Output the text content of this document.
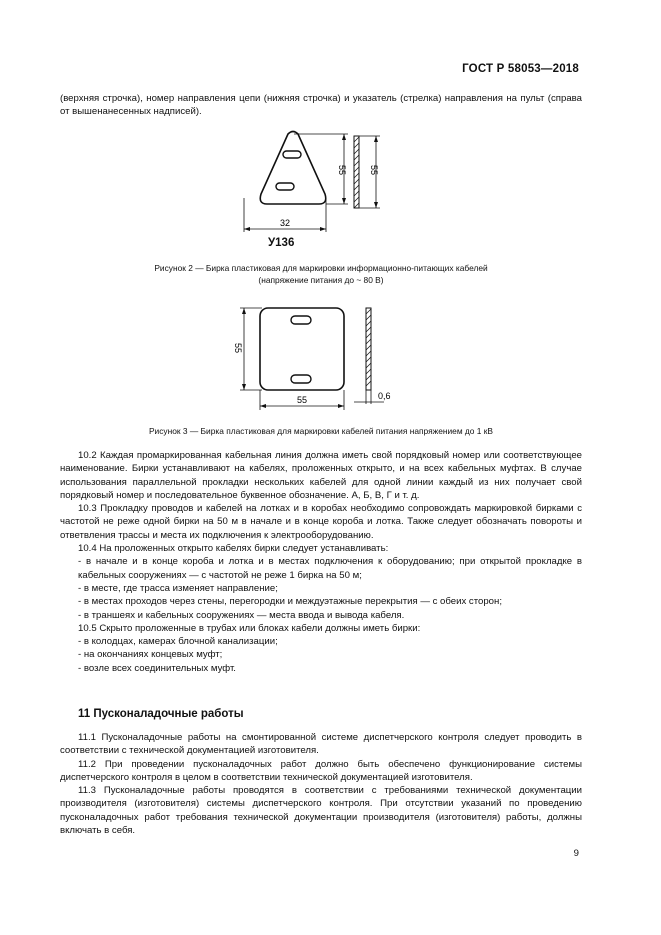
ГОСТ Р 58053—2018

(верхняя строчка), номер направления цепи (нижняя строчка) и указатель (стрелка) направления на пульт (справа от вышенанесенных надписей).

55 55
32
У136
Рисунок 2 — Бирка пластиковая для маркировки информационно-питающих кабелей
(напряжение питания до ~ 80 В)
55
55	0,6
Рисунок 3 — Бирка пластиковая для маркировки кабелей питания напряжением до 1 кВ

10.2 Каждая промаркированная кабельная линия должна иметь свой порядковый номер или соответствующее наименование. Бирки устанавливают на кабелях, проложенных открыто, и на всех кабельных муфтах. В случае использования параллельной прокладки нескольких кабелей для одной линии каждый из них получает свой порядковый номер и последовательное буквенное обозначение. А, Б, В, Г и т. д.

10.3 Прокладку проводов и кабелей на лотках и в коробах необходимо сопровождать маркировкой бирками с частотой не реже одной бирки на 50 м в начале и в конце короба и лотка. Также следует обозначать повороты и ответвления трассы и места их подключения к электрооборудованию.

10.4 На проложенных открыто кабелях бирки следует устанавливать:

- в начале и в конце короба и лотка и в местах подключения к оборудованию; при открытой прокладке в кабельных сооружениях — с частотой не реже 1 бирка на 50 м;

- в месте, где трасса изменяет направление;

- в местах проходов через стены, перегородки и междуэтажные перекрытия — с обеих сторон;

- в траншеях и кабельных сооружениях — места ввода и вывода кабеля.

10.5 Скрыто проложенные в трубах или блоках кабели должны иметь бирки:

- в колодцах, камерах блочной канализации;

- на окончаниях концевых муфт;

- возле всех соединительных муфт.

11 Пусконаладочные работы

11.1 Пусконаладочные работы на смонтированной системе диспетчерского контроля следует проводить в соответствии с технической документацией изготовителя.

11.2 При проведении пусконаладочных работ должно быть обеспечено функционирование системы диспетчерского контроля в целом в соответствии технической документацией изготовителя.

11.3 Пусконаладочные работы проводятся в соответствии с требованиями технической документации производителя (изготовителя) системы диспетчерского контроля. При отсутствии указаний по проведению пусконаладочных работ требования технической документации производителя (изготовителя) работы, должны включать в себя.

9
